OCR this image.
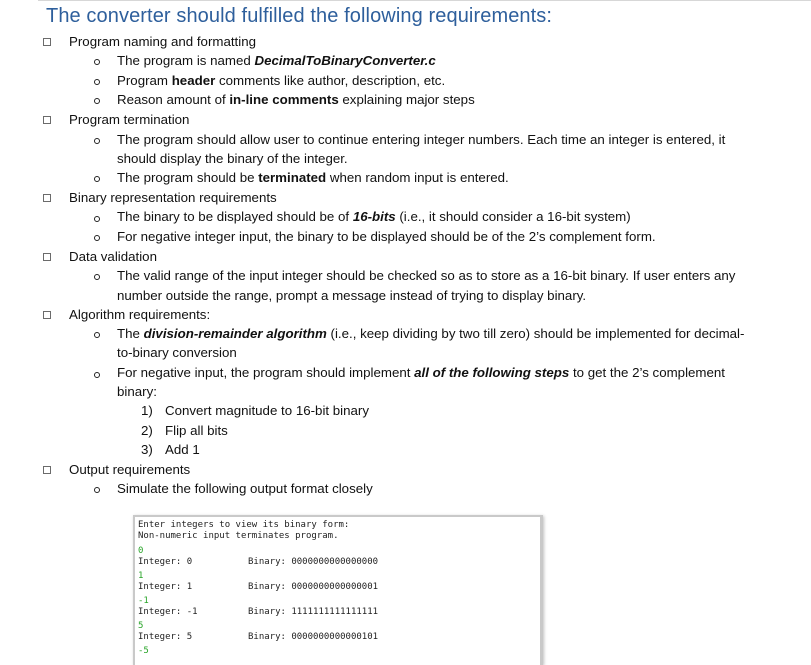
The converter should fulfilled the following requirements:
Program naming and formatting
The program is named DecimalToBinaryConverter.c
Program header comments like author, description, etc.
Reason amount of in-line comments explaining major steps
Program termination
The program should allow user to continue entering integer numbers. Each time an integer is entered, it
should display the binary of the integer.
The program should be terminated when random input is entered.
Binary representation requirements
The binary to be displayed should be of 16-bits (i.e., it should consider a 16-bit system)
For negative integer input, the binary to be displayed should be of the 2’s complement form.
Data validation
The valid range of the input integer should be checked so as to store as a 16-bit binary. If user enters any
number outside the range, prompt a message instead of trying to display binary.
Algorithm requirements:
The division-remainder algorithm (i.e., keep dividing by two till zero) should be implemented for decimal-
to-binary conversion
For negative input, the program should implement all of the following steps to get the 2’s complement
binary:
1) Convert magnitude to 16-bit binary
2) Flip all bits
3) Add 1
Output requirements
Simulate the following output format closely
Enter integers to view its binary form:
Non-numeric input terminates program.
0
Integer: 0	Binary: 0000000000000000
1
Integer: 1	Binary: 0000000000000001
-1
Integer: -1	Binary: 1111111111111111
5
Integer: 5	Binary: 0000000000000101
-5
